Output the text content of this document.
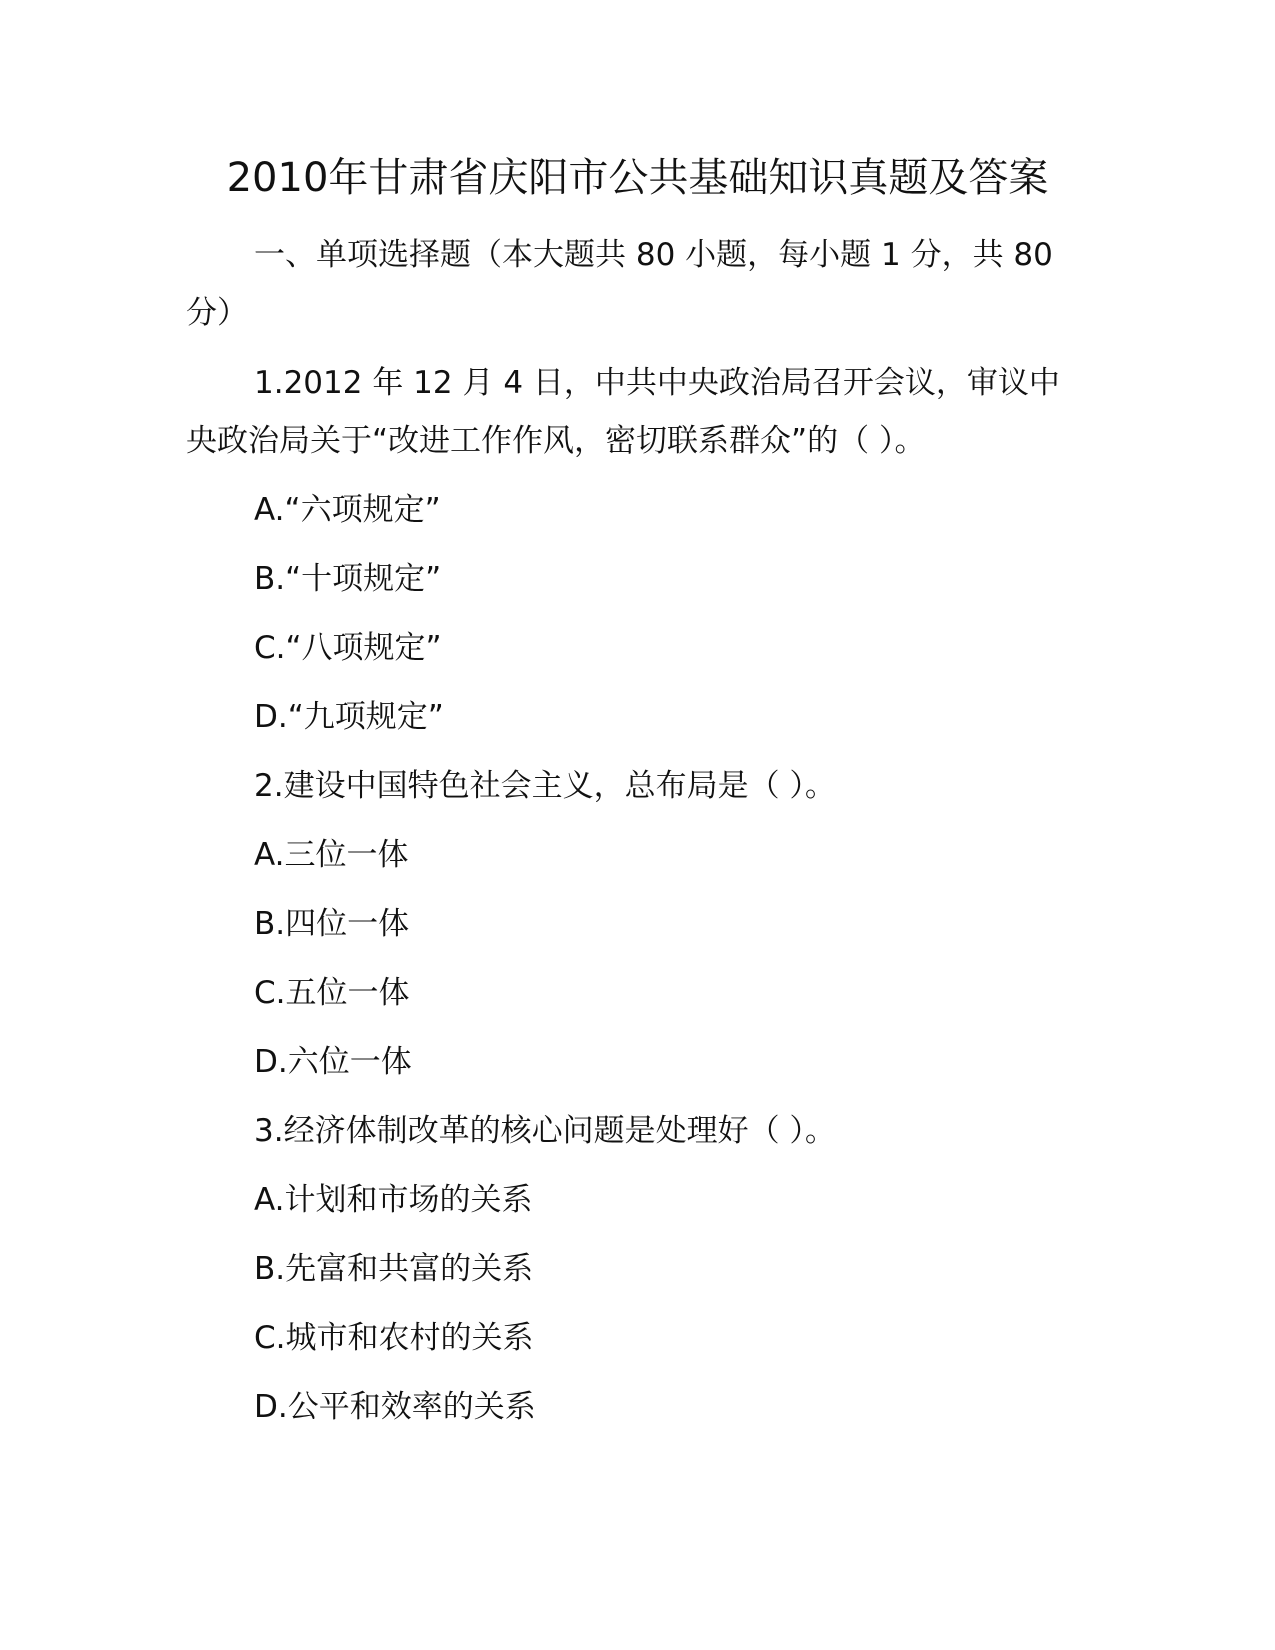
2010年甘肃省庆阳市公共基础知识真题及答案

一、单项选择题（本大题共 80 小题，每小题 1 分，共 80 分）

1.2012 年 12 月 4 日，中共中央政治局召开会议，审议中央政治局关于“改进工作作风，密切联系群众”的（ ）。

A.“六项规定”

B.“十项规定”

C.“八项规定”

D.“九项规定”

2.建设中国特色社会主义，总布局是（ ）。

A.三位一体

B.四位一体

C.五位一体

D.六位一体

3.经济体制改革的核心问题是处理好（ ）。

A.计划和市场的关系

B.先富和共富的关系

C.城市和农村的关系

D.公平和效率的关系
